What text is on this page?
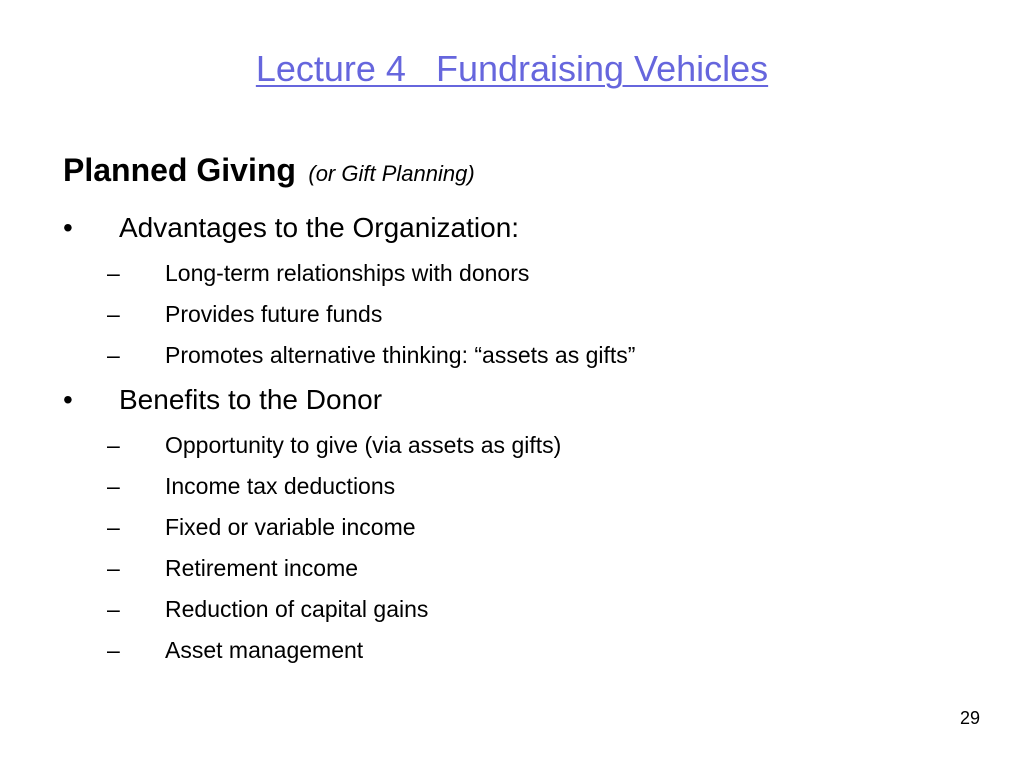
Lecture 4   Fundraising Vehicles
Planned Giving (or Gift Planning)
• Advantages to the Organization:
– Long-term relationships with donors
– Provides future funds
– Promotes alternative thinking: “assets as gifts”
• Benefits to the Donor
– Opportunity to give (via assets as gifts)
– Income tax deductions
– Fixed or variable income
– Retirement income
– Reduction of capital gains
– Asset management
29
